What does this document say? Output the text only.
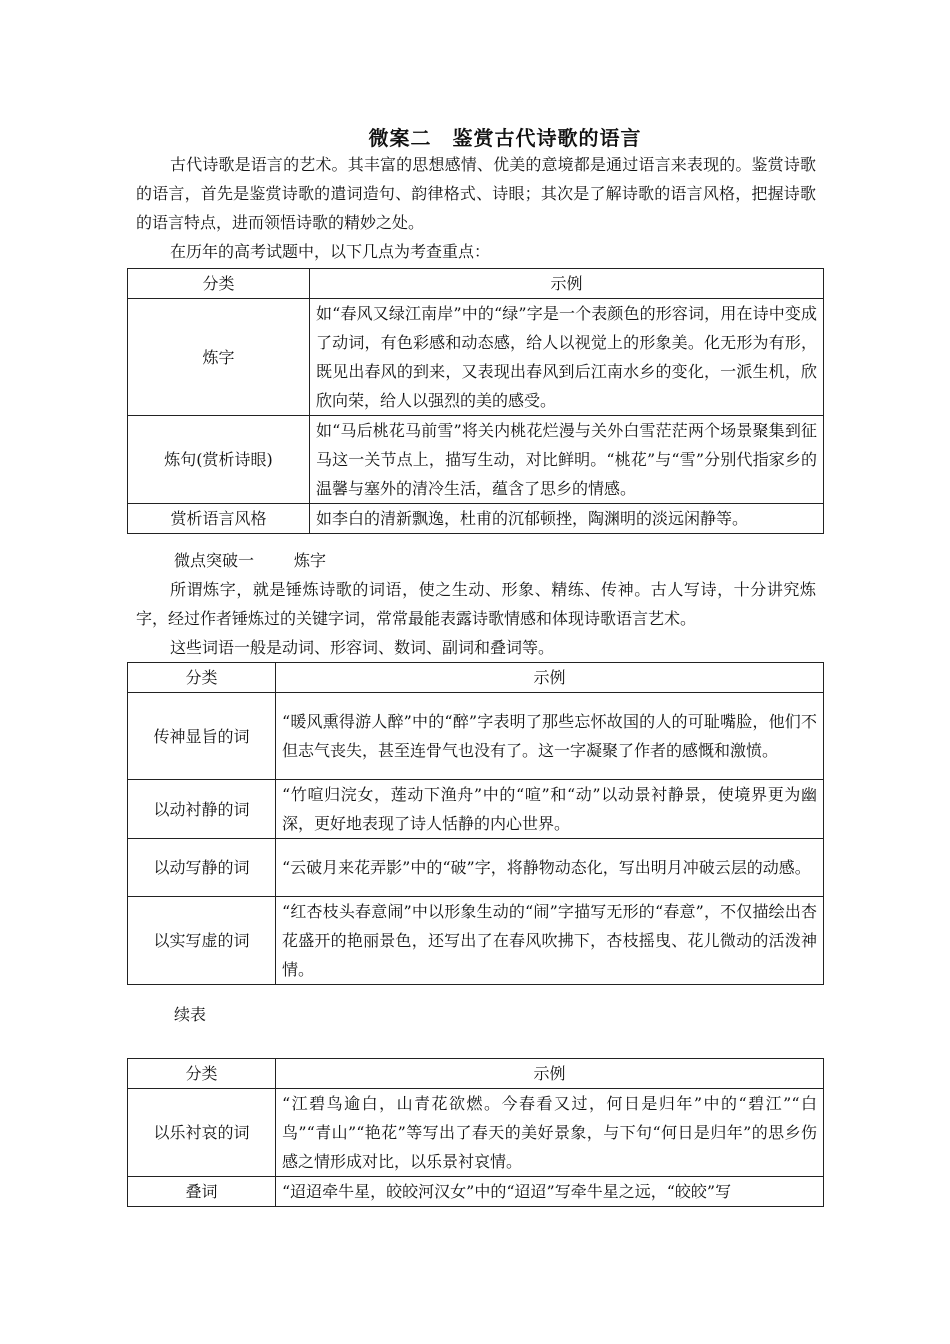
微案二　鉴赏古代诗歌的语言
古代诗歌是语言的艺术。其丰富的思想感情、优美的意境都是通过语言来表现的。鉴赏诗歌的语言，首先是鉴赏诗歌的遣词造句、韵律格式、诗眼；其次是了解诗歌的语言风格，把握诗歌的语言特点，进而领悟诗歌的精妙之处。
在历年的高考试题中，以下几点为考查重点：
分类	示例
炼字	如“春风又绿江南岸”中的“绿”字是一个表颜色的形容词，用在诗中变成了动词，有色彩感和动态感，给人以视觉上的形象美。化无形为有形，既见出春风的到来，又表现出春风到后江南水乡的变化，一派生机，欣欣向荣，给人以强烈的美的感受。
炼句(赏析诗眼)	如“马后桃花马前雪”将关内桃花烂漫与关外白雪茫茫两个场景聚集到征马这一关节点上，描写生动，对比鲜明。“桃花”与“雪”分别代指家乡的温馨与塞外的清冷生活，蕴含了思乡的情感。
赏析语言风格	如李白的清新飘逸，杜甫的沉郁顿挫，陶渊明的淡远闲静等。
微点突破一	炼字
所谓炼字，就是锤炼诗歌的词语，使之生动、形象、精练、传神。古人写诗，十分讲究炼字，经过作者锤炼过的关键字词，常常最能表露诗歌情感和体现诗歌语言艺术。
这些词语一般是动词、形容词、数词、副词和叠词等。
分类	示例
传神显旨的词	“暖风熏得游人醉”中的“醉”字表明了那些忘怀故国的人的可耻嘴脸，他们不但志气丧失，甚至连骨气也没有了。这一字凝聚了作者的感慨和激愤。
以动衬静的词	“竹喧归浣女，莲动下渔舟”中的“喧”和“动”以动景衬静景，使境界更为幽深，更好地表现了诗人恬静的内心世界。
以动写静的词	“云破月来花弄影”中的“破”字，将静物动态化，写出明月冲破云层的动感。
以实写虚的词	“红杏枝头春意闹”中以形象生动的“闹”字描写无形的“春意”，不仅描绘出杏花盛开的艳丽景色，还写出了在春风吹拂下，杏枝摇曳、花儿微动的活泼神情。
续表
分类	示例
以乐衬哀的词	“江碧鸟逾白，山青花欲燃。今春看又过，何日是归年”中的“碧江”“白鸟”“青山”“艳花”等写出了春天的美好景象，与下句“何日是归年”的思乡伤感之情形成对比，以乐景衬哀情。
叠词	“迢迢牵牛星，皎皎河汉女”中的“迢迢”写牵牛星之远，“皎皎”写
